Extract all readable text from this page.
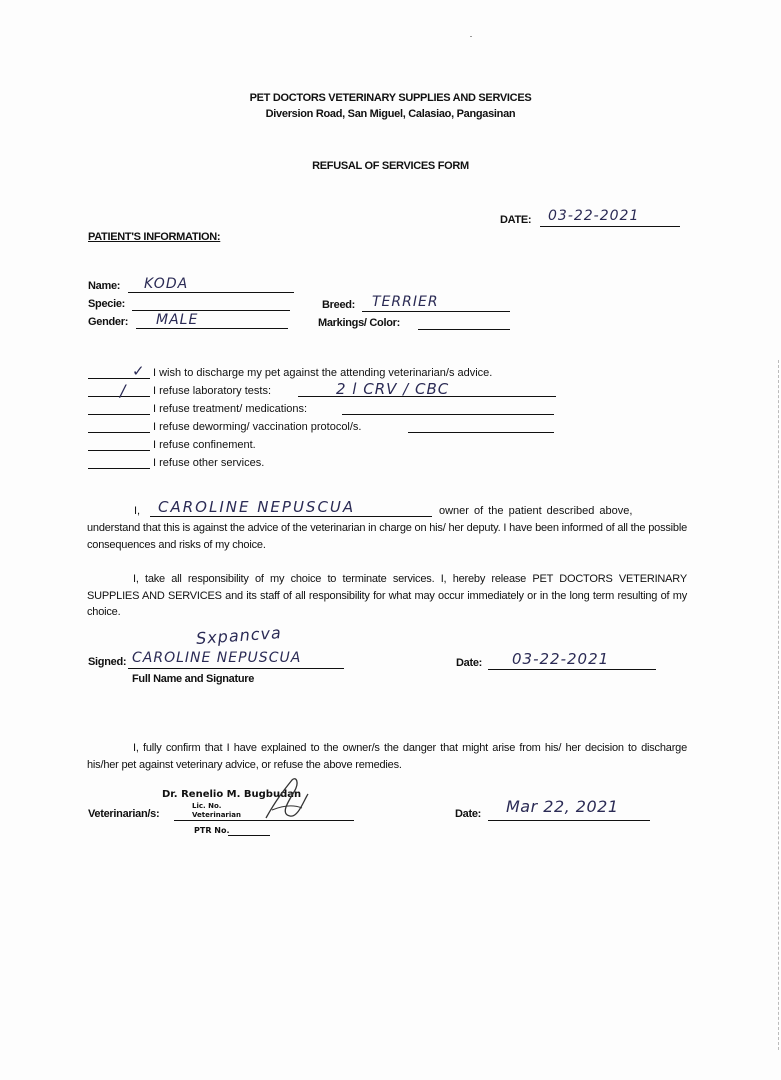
PET DOCTORS VETERINARY SUPPLIES AND SERVICES
Diversion Road, San Miguel, Calasiao, Pangasinan
REFUSAL OF SERVICES FORM
DATE: 03-22-2021
PATIENT'S INFORMATION:
Name: KODA
Specie:
Gender: MALE
Breed: TERRIER
Markings/ Color:
✓ I wish to discharge my pet against the attending veterinarian/s advice.
/ I refuse laboratory tests:	2 l CRV / CBC
I refuse treatment/ medications:
I refuse deworming/ vaccination protocol/s.
I refuse confinement.
I refuse other services.
I, CAROLINE NEPUSCUA	owner of the patient described above,
understand that this is against the advice of the veterinarian in charge on his/ her deputy. I have been informed of all the possible consequences and risks of my choice.
I, take all responsibility of my choice to terminate services. I, hereby release PET DOCTORS VETERINARY SUPPLIES AND SERVICES and its staff of all responsibility for what may occur immediately or in the long term resulting of my choice.
Sxpancva
Signed: CAROLINE NEPUSCUA
Full Name and Signature
Date: 03-22-2021
I, fully confirm that I have explained to the owner/s the danger that might arise from his/ her decision to discharge his/her pet against veterinary advice, or refuse the above remedies.
Dr. Renelio M. Bugbudan
Lic. No.
Veterinarian
PTR No.
Veterinarian/s:	Date: Mar 22, 2021
